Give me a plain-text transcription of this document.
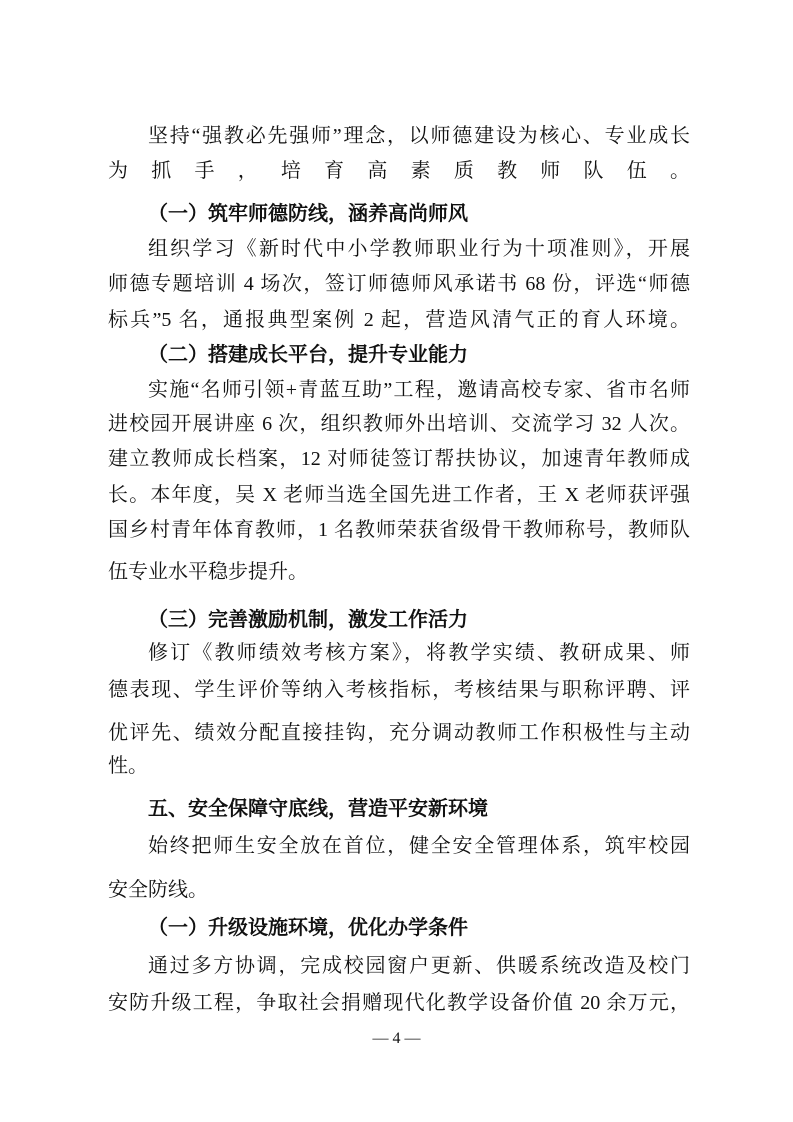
坚持“强教必先强师”理念，以师德建设为核心、专业成长
为抓手，培育高素质教师队伍。
（一）筑牢师德防线，涵养高尚师风
组织学习《新时代中小学教师职业行为十项准则》，开展
师德专题培训 4 场次，签订师德师风承诺书 68 份，评选“师德
标兵”5 名，通报典型案例 2 起，营造风清气正的育人环境。
（二）搭建成长平台，提升专业能力
实施“名师引领+青蓝互助”工程，邀请高校专家、省市名师
进校园开展讲座 6 次，组织教师外出培训、交流学习 32 人次。
建立教师成长档案，12 对师徒签订帮扶协议，加速青年教师成
长。本年度，吴 X 老师当选全国先进工作者，王 X 老师获评强
国乡村青年体育教师，1 名教师荣获省级骨干教师称号，教师队
伍专业水平稳步提升。
（三）完善激励机制，激发工作活力
修订《教师绩效考核方案》，将教学实绩、教研成果、师
德表现、学生评价等纳入考核指标，考核结果与职称评聘、评
优评先、绩效分配直接挂钩，充分调动教师工作积极性与主动
性。
五、安全保障守底线，营造平安新环境
始终把师生安全放在首位，健全安全管理体系，筑牢校园
安全防线。
（一）升级设施环境，优化办学条件
通过多方协调，完成校园窗户更新、供暖系统改造及校门
安防升级工程，争取社会捐赠现代化教学设备价值 20 余万元，
— 4 —
